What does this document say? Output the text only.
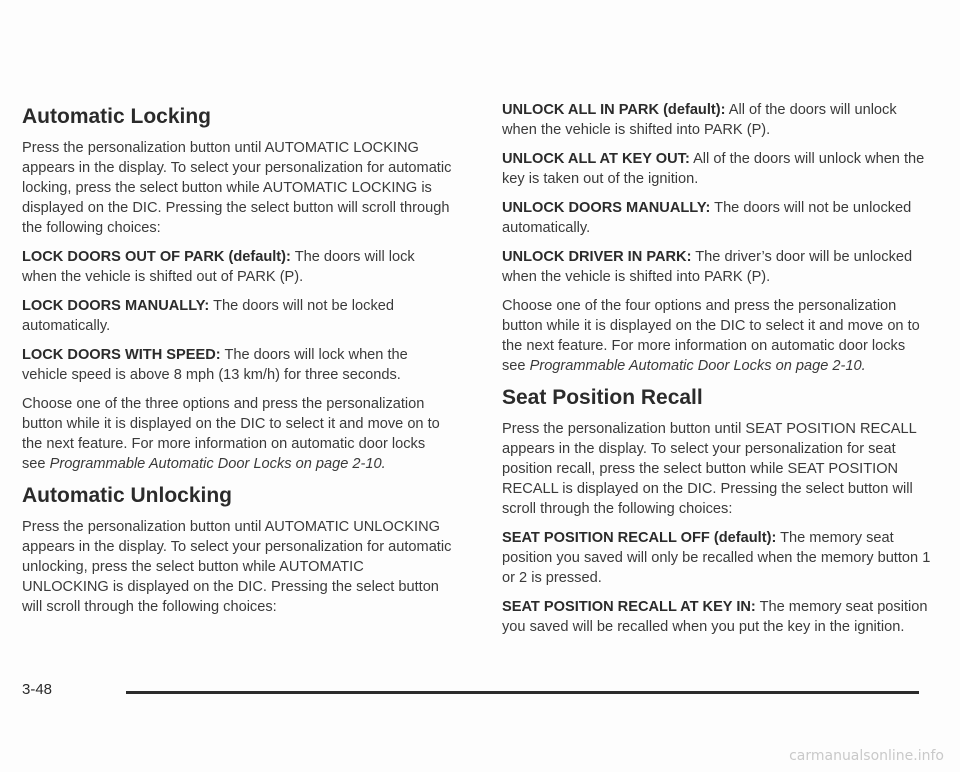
Automatic Locking

Press the personalization button until AUTOMATIC LOCKING appears in the display. To select your personalization for automatic locking, press the select button while AUTOMATIC LOCKING is displayed on the DIC. Pressing the select button will scroll through the following choices:

LOCK DOORS OUT OF PARK (default): The doors will lock when the vehicle is shifted out of PARK (P).

LOCK DOORS MANUALLY: The doors will not be locked automatically.

LOCK DOORS WITH SPEED: The doors will lock when the vehicle speed is above 8 mph (13 km/h) for three seconds.

Choose one of the three options and press the personalization button while it is displayed on the DIC to select it and move on to the next feature. For more information on automatic door locks see Programmable Automatic Door Locks on page 2-10.

Automatic Unlocking

Press the personalization button until AUTOMATIC UNLOCKING appears in the display. To select your personalization for automatic unlocking, press the select button while AUTOMATIC UNLOCKING is displayed on the DIC. Pressing the select button will scroll through the following choices:

UNLOCK ALL IN PARK (default): All of the doors will unlock when the vehicle is shifted into PARK (P).

UNLOCK ALL AT KEY OUT: All of the doors will unlock when the key is taken out of the ignition.

UNLOCK DOORS MANUALLY: The doors will not be unlocked automatically.

UNLOCK DRIVER IN PARK: The driver’s door will be unlocked when the vehicle is shifted into PARK (P).

Choose one of the four options and press the personalization button while it is displayed on the DIC to select it and move on to the next feature. For more information on automatic door locks see Programmable Automatic Door Locks on page 2-10.

Seat Position Recall

Press the personalization button until SEAT POSITION RECALL appears in the display. To select your personalization for seat position recall, press the select button while SEAT POSITION RECALL is displayed on the DIC. Pressing the select button will scroll through the following choices:

SEAT POSITION RECALL OFF (default): The memory seat position you saved will only be recalled when the memory button 1 or 2 is pressed.

SEAT POSITION RECALL AT KEY IN: The memory seat position you saved will be recalled when you put the key in the ignition.

3-48
carmanualsonline.info
